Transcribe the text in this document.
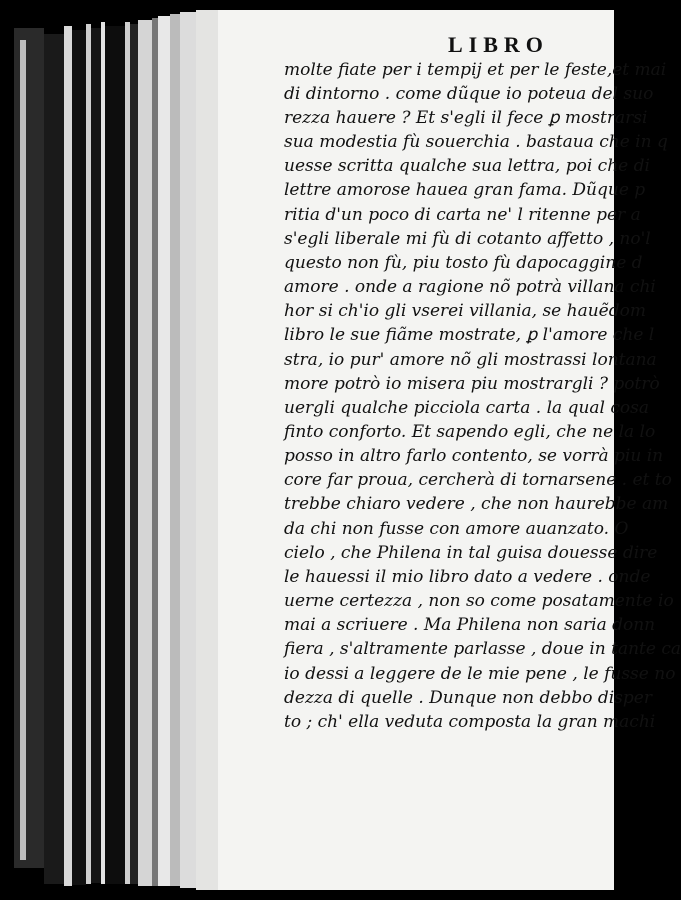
LIBRO
molte fiate per i tempij et per le feste,et mai
di dintorno . come dũque io poteua del suo
rezza hauere ? Et s'egli il fece ꝑ mostrarsi
sua modestia fù souerchia . bastaua che in q
uesse scritta qualche sua lettra, poi che di
lettre amorose hauea gran fama. Dũque p
ritia d'un poco di carta ne' l ritenne per a
s'egli liberale mi fù di cotanto affetto , no'l
questo non fù, piu tosto fù dapocaggine d
amore . onde a ragione nõ potrà villana chi
hor si ch'io gli vserei villania, se hauẽdom
libro le sue fiãme mostrate, ꝑ l'amore che l
stra, io pur' amore nõ gli mostrassi lontana
more potrò io misera piu mostrargli ? potrò
uergli qualche picciola carta . la qual cosa
finto conforto. Et sapendo egli, che ne la lo
posso in altro farlo contento, se vorrà piu in
core far proua, cercherà di tornarsene . et to
trebbe chiaro vedere , che non haurebbe am
da chi non fusse con amore auanzato. O
cielo , che Philena in tal guisa douesse dire
le hauessi il mio libro dato a vedere . onde
uerne certezza , non so come posatamente io
mai a scriuere . Ma Philena non saria donn
fiera , s'altramente parlasse , doue in tante ca
io dessi a leggere de le mie pene , le fusse no
dezza di quelle . Dunque non debbo disper
to ; ch' ella veduta composta la gran machi
